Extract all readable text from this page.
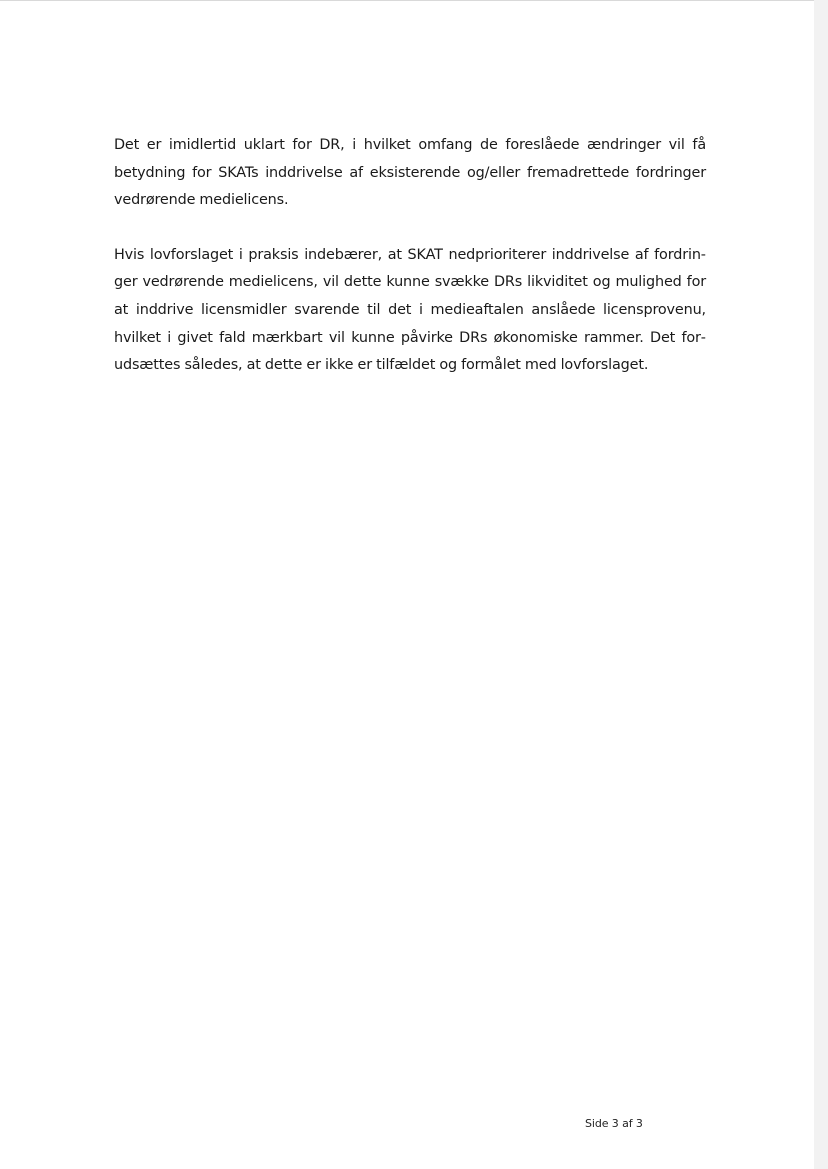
Det er imidlertid uklart for DR, i hvilket omfang de foreslåede ændringer vil få betydning for SKATs inddrivelse af eksisterende og/eller fremadrettede fordringer vedrørende medielicens.

Hvis lovforslaget i praksis indebærer, at SKAT nedprioriterer inddrivelse af fordringer vedrørende medielicens, vil dette kunne svække DRs likviditet og mulighed for at inddrive licensmidler svarende til det i medieaftalen anslåede licensprovenu, hvilket i givet fald mærkbart vil kunne påvirke DRs økonomiske rammer. Det forudsættes således, at dette er ikke er tilfældet og formålet med lovforslaget.

Side 3 af 3
